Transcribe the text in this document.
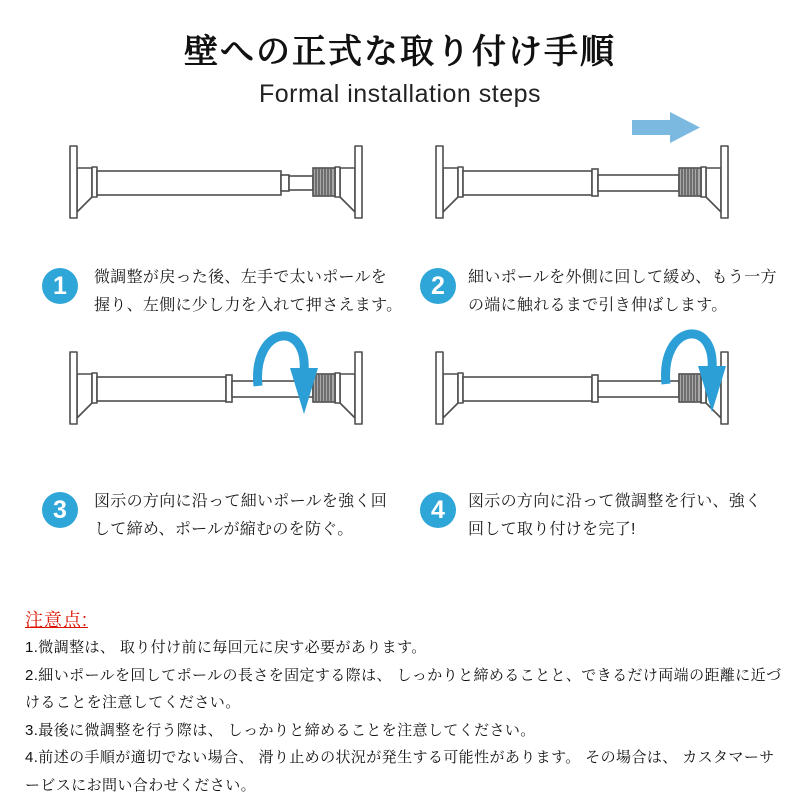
壁への正式な取り付け手順
Formal installation steps
1	微調整が戻った後、左手で太いポールを
握り、左側に少し力を入れて押さえます。
2	細いポールを外側に回して緩め、もう一方
の端に触れるまで引き伸ばします。
3	図示の方向に沿って細いポールを強く回
して締め、ポールが縮むのを防ぐ。
4	図示の方向に沿って微調整を行い、強く
回して取り付けを完了!
注意点:
1.微調整は、 取り付け前に毎回元に戻す必要があります。
2.細いポールを回してポールの長さを固定する際は、 しっかりと締めることと、できるだけ両端の距離に近づ
けることを注意してください。
3.最後に微調整を行う際は、 しっかりと締めることを注意してください。
4.前述の手順が適切でない場合、 滑り止めの状況が発生する可能性があります。 その場合は、 カスタマーサ
ービスにお問い合わせください。
